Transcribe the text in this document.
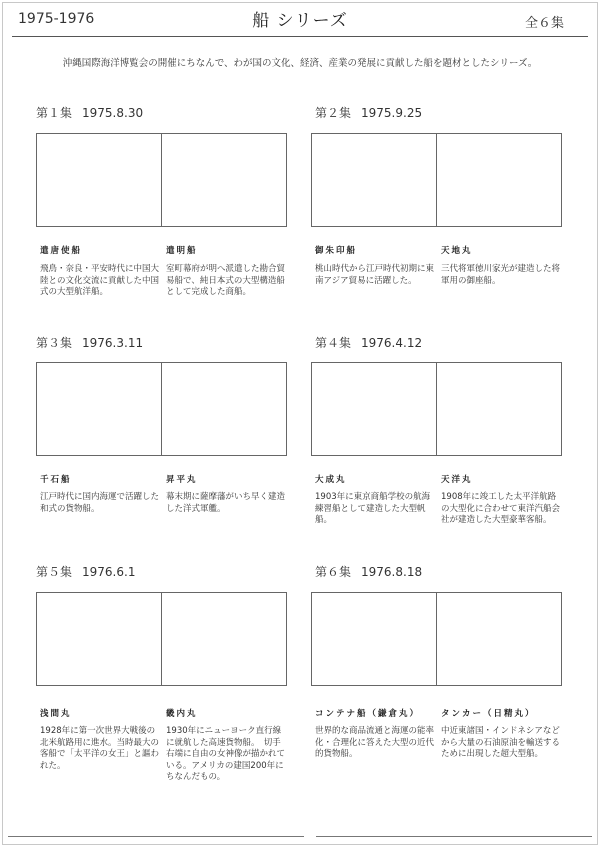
1975-1976	船 シリーズ	全６集
沖縄国際海洋博覧会の開催にちなんで、わが国の文化、経済、産業の発展に貢献した船を題材としたシリーズ。
第１集 1975.8.30
遣唐使船	遣明船
飛鳥・奈良・平安時代に中国大陸との文化交流に貢献した中国式の大型航洋船。
室町幕府が明へ派遣した勘合貿易船で、純日本式の大型構造船として完成した商船。
第２集 1975.9.25
御朱印船	天地丸
桃山時代から江戸時代初期に東南アジア貿易に活躍した。
三代将軍徳川家光が建造した将軍用の御座船。
第３集 1976.3.11
千石船	昇平丸
江戸時代に国内海運で活躍した和式の貨物船。
幕末期に薩摩藩がいち早く建造した洋式軍艦。
第４集 1976.4.12
大成丸	天洋丸
1903年に東京商船学校の航海練習船として建造した大型帆船。
1908年に竣工した太平洋航路の大型化に合わせて東洋汽船会社が建造した大型豪華客船。
第５集 1976.6.1
浅間丸	畿内丸
1928年に第一次世界大戦後の北米航路用に進水。当時最大の客船で「太平洋の女王」と謳われた。
1930年にニューヨーク直行線に就航した高速貨物船。　切手右端に自由の女神像が描かれている。アメリカの建国200年にちなんだもの。
第６集 1976.8.18
コンテナ船（鎌倉丸） タンカー（日精丸）
世界的な商品流通と海運の能率化・合理化に答えた大型の近代的貨物船。
中近東諸国・インドネシアなどから大量の石油原油を輸送するために出現した超大型船。
